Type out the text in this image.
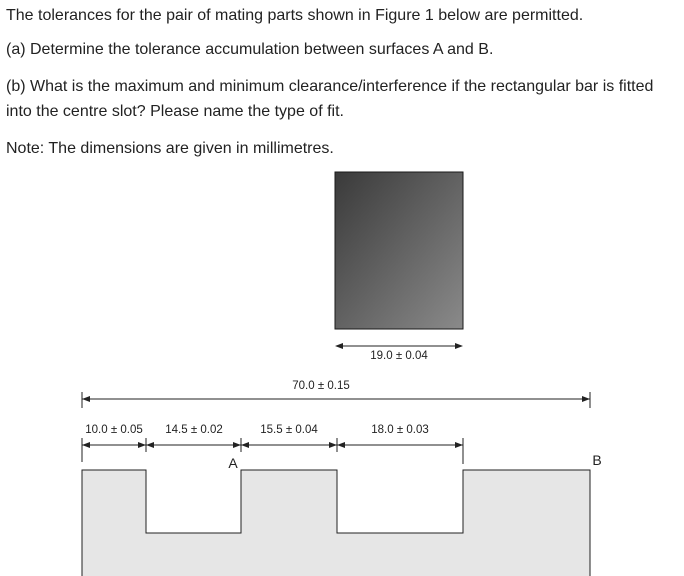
The tolerances for the pair of mating parts shown in Figure 1 below are permitted.
(a) Determine the tolerance accumulation between surfaces A and B.
(b) What is the maximum and minimum clearance/interference if the rectangular bar is fitted
into the centre slot? Please name the type of fit.
Note: The dimensions are given in millimetres.
19.0 ± 0.04
70.0 ± 0.15
10.0 ± 0.05 14.5 ± 0.02	15.5 ± 0.04	18.0 ± 0.03
A	B
